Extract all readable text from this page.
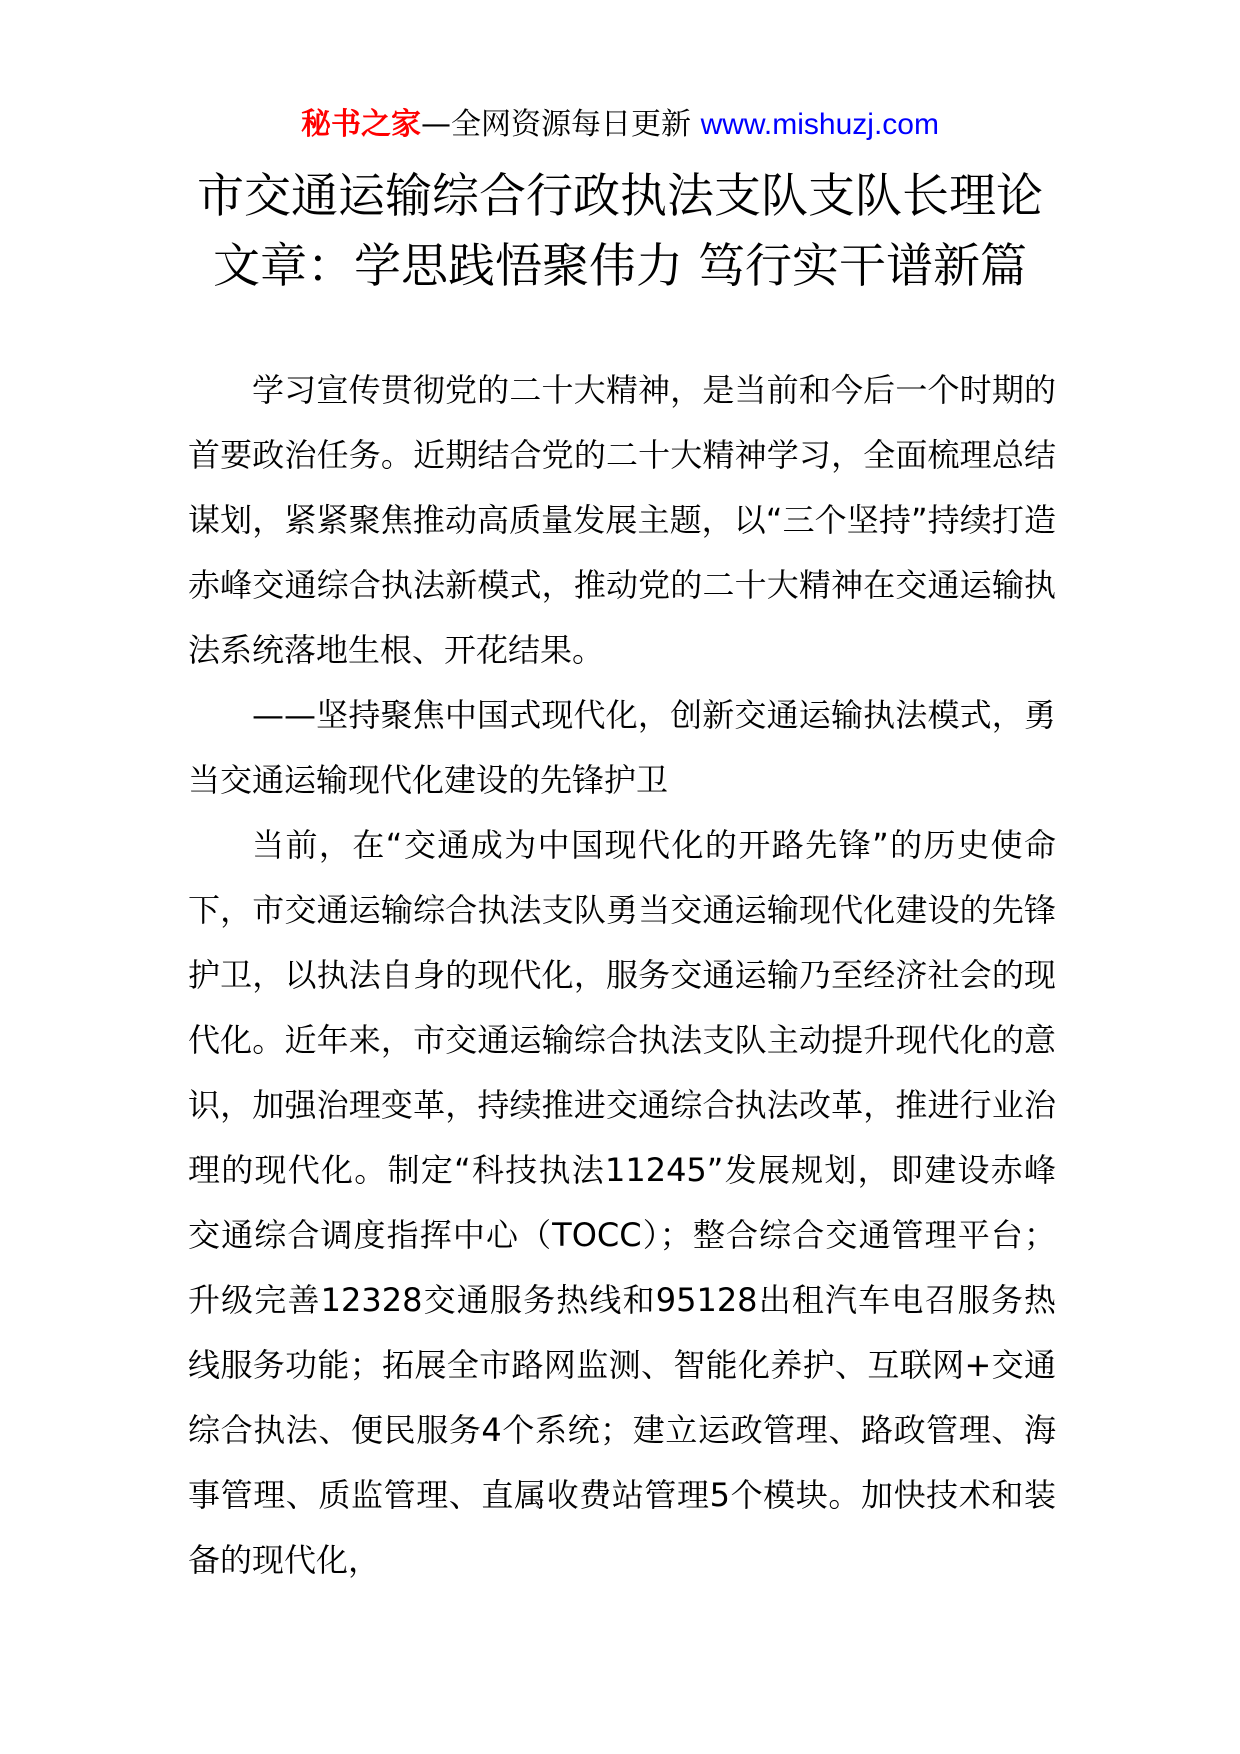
秘书之家—全网资源每日更新 www.mishuzj.com
市交通运输综合行政执法支队支队长理论
文章：学思践悟聚伟力 笃行实干谱新篇

学习宣传贯彻党的二十大精神，是当前和今后一个时期的首要政治任务。近期结合党的二十大精神学习，全面梳理总结谋划，紧紧聚焦推动高质量发展主题，以“三个坚持”持续打造赤峰交通综合执法新模式，推动党的二十大精神在交通运输执法系统落地生根、开花结果。

——坚持聚焦中国式现代化，创新交通运输执法模式，勇当交通运输现代化建设的先锋护卫

当前，在“交通成为中国现代化的开路先锋”的历史使命下，市交通运输综合执法支队勇当交通运输现代化建设的先锋护卫，以执法自身的现代化，服务交通运输乃至经济社会的现代化。近年来，市交通运输综合执法支队主动提升现代化的意识，加强治理变革，持续推进交通综合执法改革，推进行业治理的现代化。制定“科技执法11245”发展规划，即建设赤峰交通综合调度指挥中心（TOCC）；整合综合交通管理平台；升级完善12328交通服务热线和95128出租汽车电召服务热线服务功能；拓展全市路网监测、智能化养护、互联网+交通综合执法、便民服务4个系统；建立运政管理、路政管理、海事管理、质监管理、直属收费站管理5个模块。加快技术和装备的现代化，
